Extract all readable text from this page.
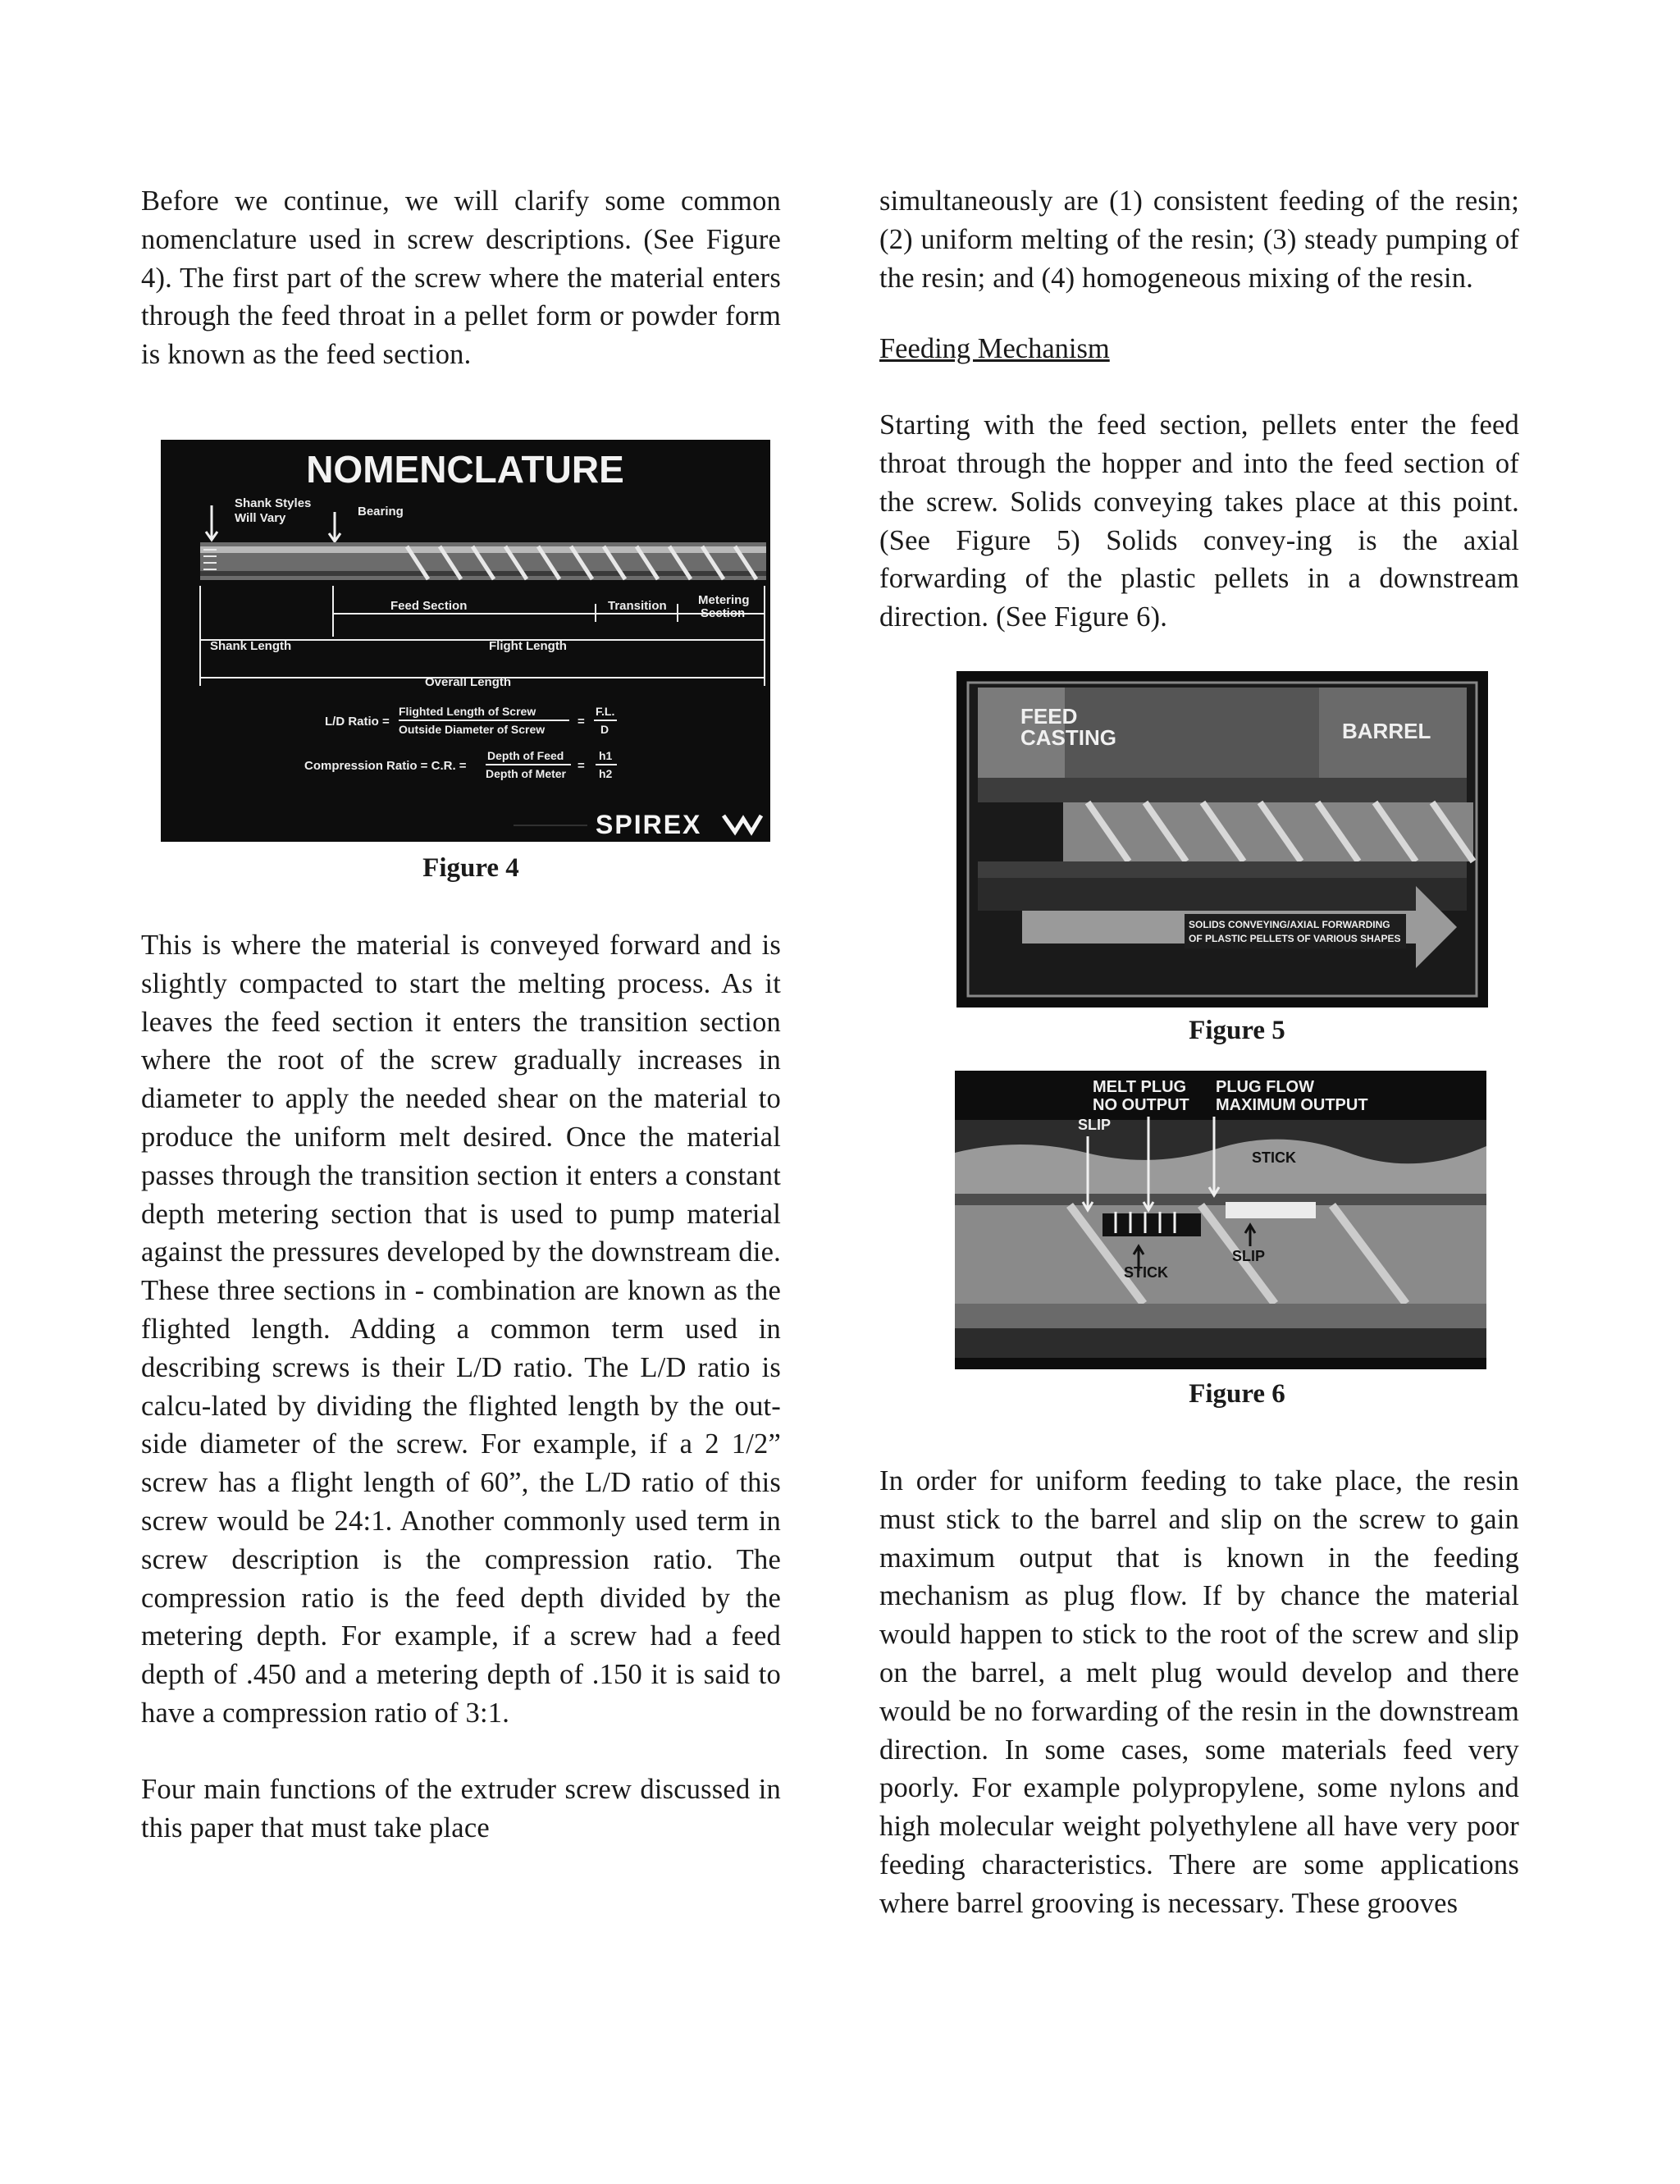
Before we continue, we will clarify some common nomenclature used in screw descriptions. (See Figure 4). The first part of the screw where the material enters through the feed throat in a pellet form or powder form is known as the feed section.

NOMENCLATURE
Shank Styles
Will Vary	Bearing
Feed Section	Transition	Metering
Section
Shank Length	Flight Length
Overall Length
L/D Ratio =
Flighted Length of Screw
Outside Diameter of Screw
=
F.L.
D
Compression Ratio = C.R. =
Depth of Feed
Depth of Meter
=
h1
h2
SPIREX

Figure 4

This is where the material is conveyed forward and is slightly compacted to start the melting process. As it leaves the feed section it enters the transition section where the root of the screw gradually increases in diameter to apply the needed shear on the material to produce the uniform melt desired. Once the material passes through the transition section it enters a constant depth metering section that is used to pump material against the pressures developed by the downstream die. These three sections in - combination are known as the flighted length. Adding a common term used in describing screws is their L/D ratio. The L/D ratio is calcu-lated by dividing the flighted length by the out-side diameter of the screw. For example, if a 2 1/2” screw has a flight length of 60”, the L/D ratio of this screw would be 24:1. Another commonly used term in screw description is the compression ratio. The compression ratio is the feed depth divided by the metering depth. For example, if a screw had a feed depth of .450 and a metering depth of .150 it is said to have a compression ratio of 3:1.

Four main functions of the extruder screw discussed in this paper that must take place

simultaneously are (1) consistent feeding of the resin; (2) uniform melting of the resin; (3) steady pumping of the resin; and (4) homogeneous mixing of the resin.

Feeding Mechanism

Starting with the feed section, pellets enter the feed throat through the hopper and into the feed section of the screw. Solids conveying takes place at this point. (See Figure 5) Solids convey-ing is the axial forwarding of the plastic pellets in a downstream direction. (See Figure 6).

FEED
CASTING	BARREL
SOLIDS CONVEYING/AXIAL FORWARDING
OF PLASTIC PELLETS OF VARIOUS SHAPES

Figure 5

MELT PLUG
NO OUTPUT
SLIP
PLUG FLOW
MAXIMUM OUTPUT
STICK
STICK
SLIP

Figure 6

In order for uniform feeding to take place, the resin must stick to the barrel and slip on the screw to gain maximum output that is known in the feeding mechanism as plug flow. If by chance the material would happen to stick to the root of the screw and slip on the barrel, a melt plug would develop and there would be no forwarding of the resin in the downstream direction. In some cases, some materials feed very poorly. For example polypropylene, some nylons and high molecular weight polyethylene all have very poor feeding characteristics. There are some applications where barrel grooving is necessary. These grooves
